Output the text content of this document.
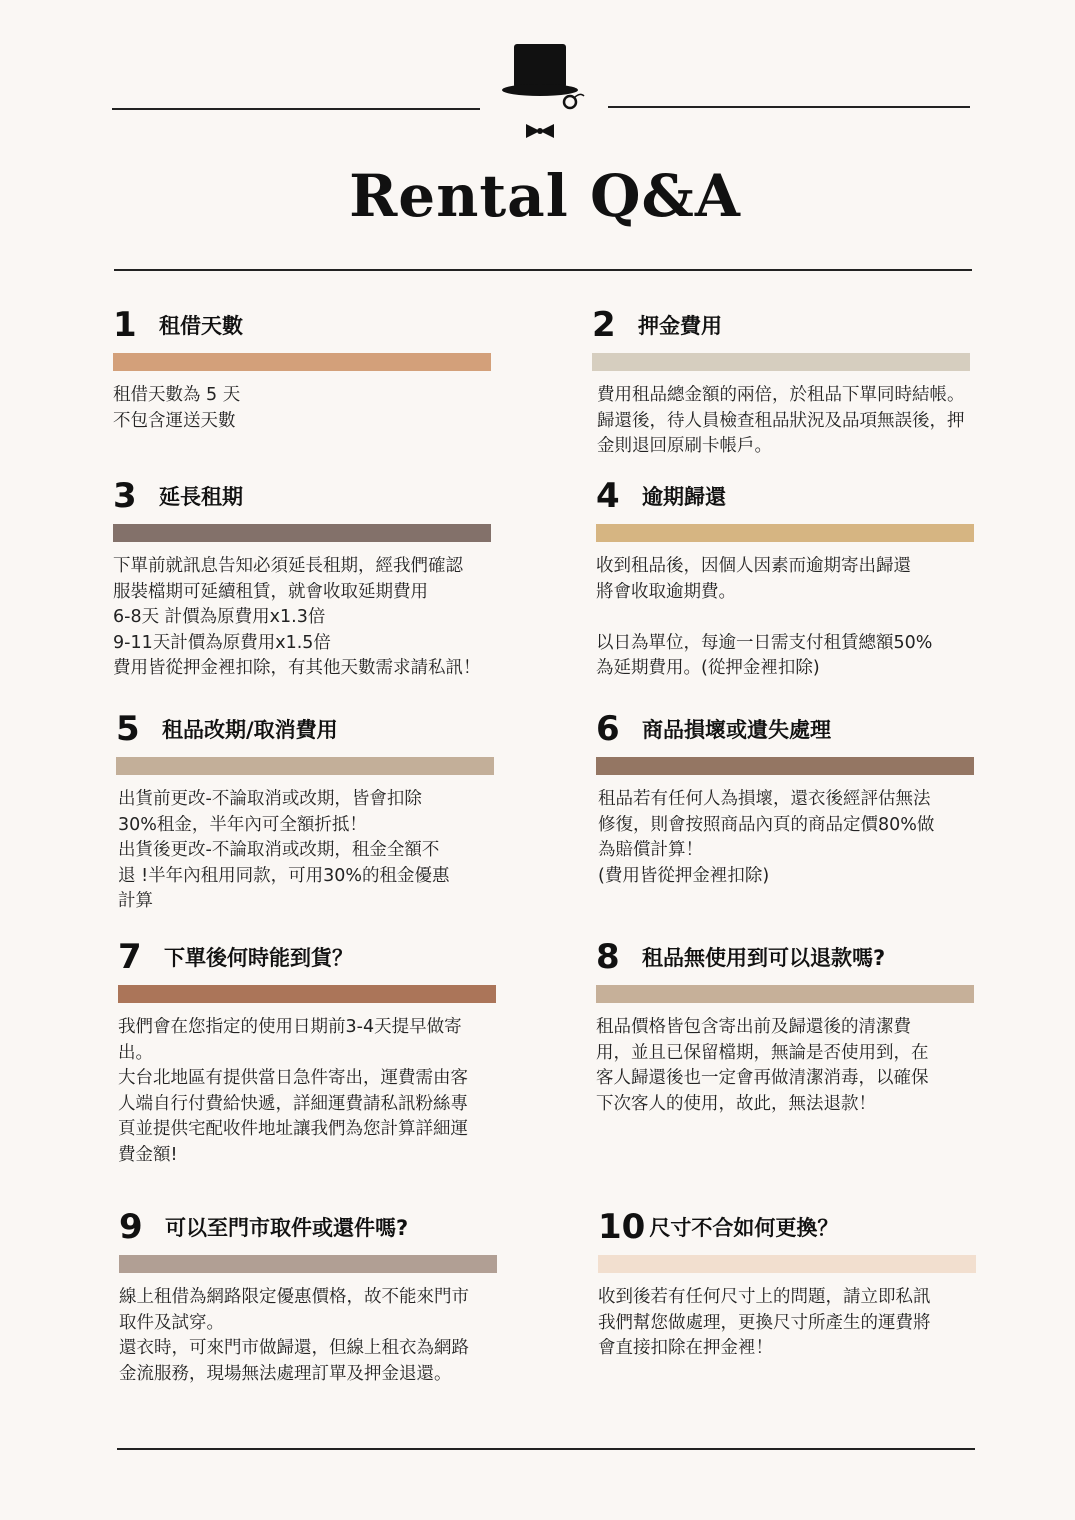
Rental Q&A
1	租借天數
租借天數為 5 天
不包含運送天數
2	押金費用
費用租品總金額的兩倍，於租品下單同時結帳。歸還後，待人員檢查租品狀況及品項無誤後，押金則退回原刷卡帳戶。
3	延長租期
下單前就訊息告知必須延長租期，經我們確認
服裝檔期可延續租賃，就會收取延期費用
6-8天 計價為原費用x1.3倍
9-11天計價為原費用x1.5倍
費用皆從押金裡扣除，有其他天數需求請私訊！
4	逾期歸還
收到租品後，因個人因素而逾期寄出歸還
將會收取逾期費。

以日為單位，每逾一日需支付租賃總額50%
為延期費用。(從押金裡扣除)
5	租品改期/取消費用
出貨前更改-不論取消或改期，皆會扣除
30%租金，半年內可全額折抵！
出貨後更改-不論取消或改期，租金全額不
退 !半年內租用同款，可用30%的租金優惠
計算
6	商品損壞或遺失處理
租品若有任何人為損壞，還衣後經評估無法
修復，則會按照商品內頁的商品定價80%做
為賠償計算！
(費用皆從押金裡扣除)
7	下單後何時能到貨？
我們會在您指定的使用日期前3-4天提早做寄
出。
大台北地區有提供當日急件寄出，運費需由客
人端自行付費給快遞，詳細運費請私訊粉絲專
頁並提供宅配收件地址讓我們為您計算詳細運
費金額!
8	租品無使用到可以退款嗎?
租品價格皆包含寄出前及歸還後的清潔費
用，並且已保留檔期，無論是否使用到，在
客人歸還後也一定會再做清潔消毒，以確保
下次客人的使用，故此，無法退款！
9	可以至門市取件或還件嗎?
線上租借為網路限定優惠價格，故不能來門市
取件及試穿。
還衣時，可來門市做歸還，但線上租衣為網路
金流服務，現場無法處理訂單及押金退還。
10 尺寸不合如何更換？
收到後若有任何尺寸上的問題，請立即私訊
我們幫您做處理，更換尺寸所產生的運費將
會直接扣除在押金裡！
